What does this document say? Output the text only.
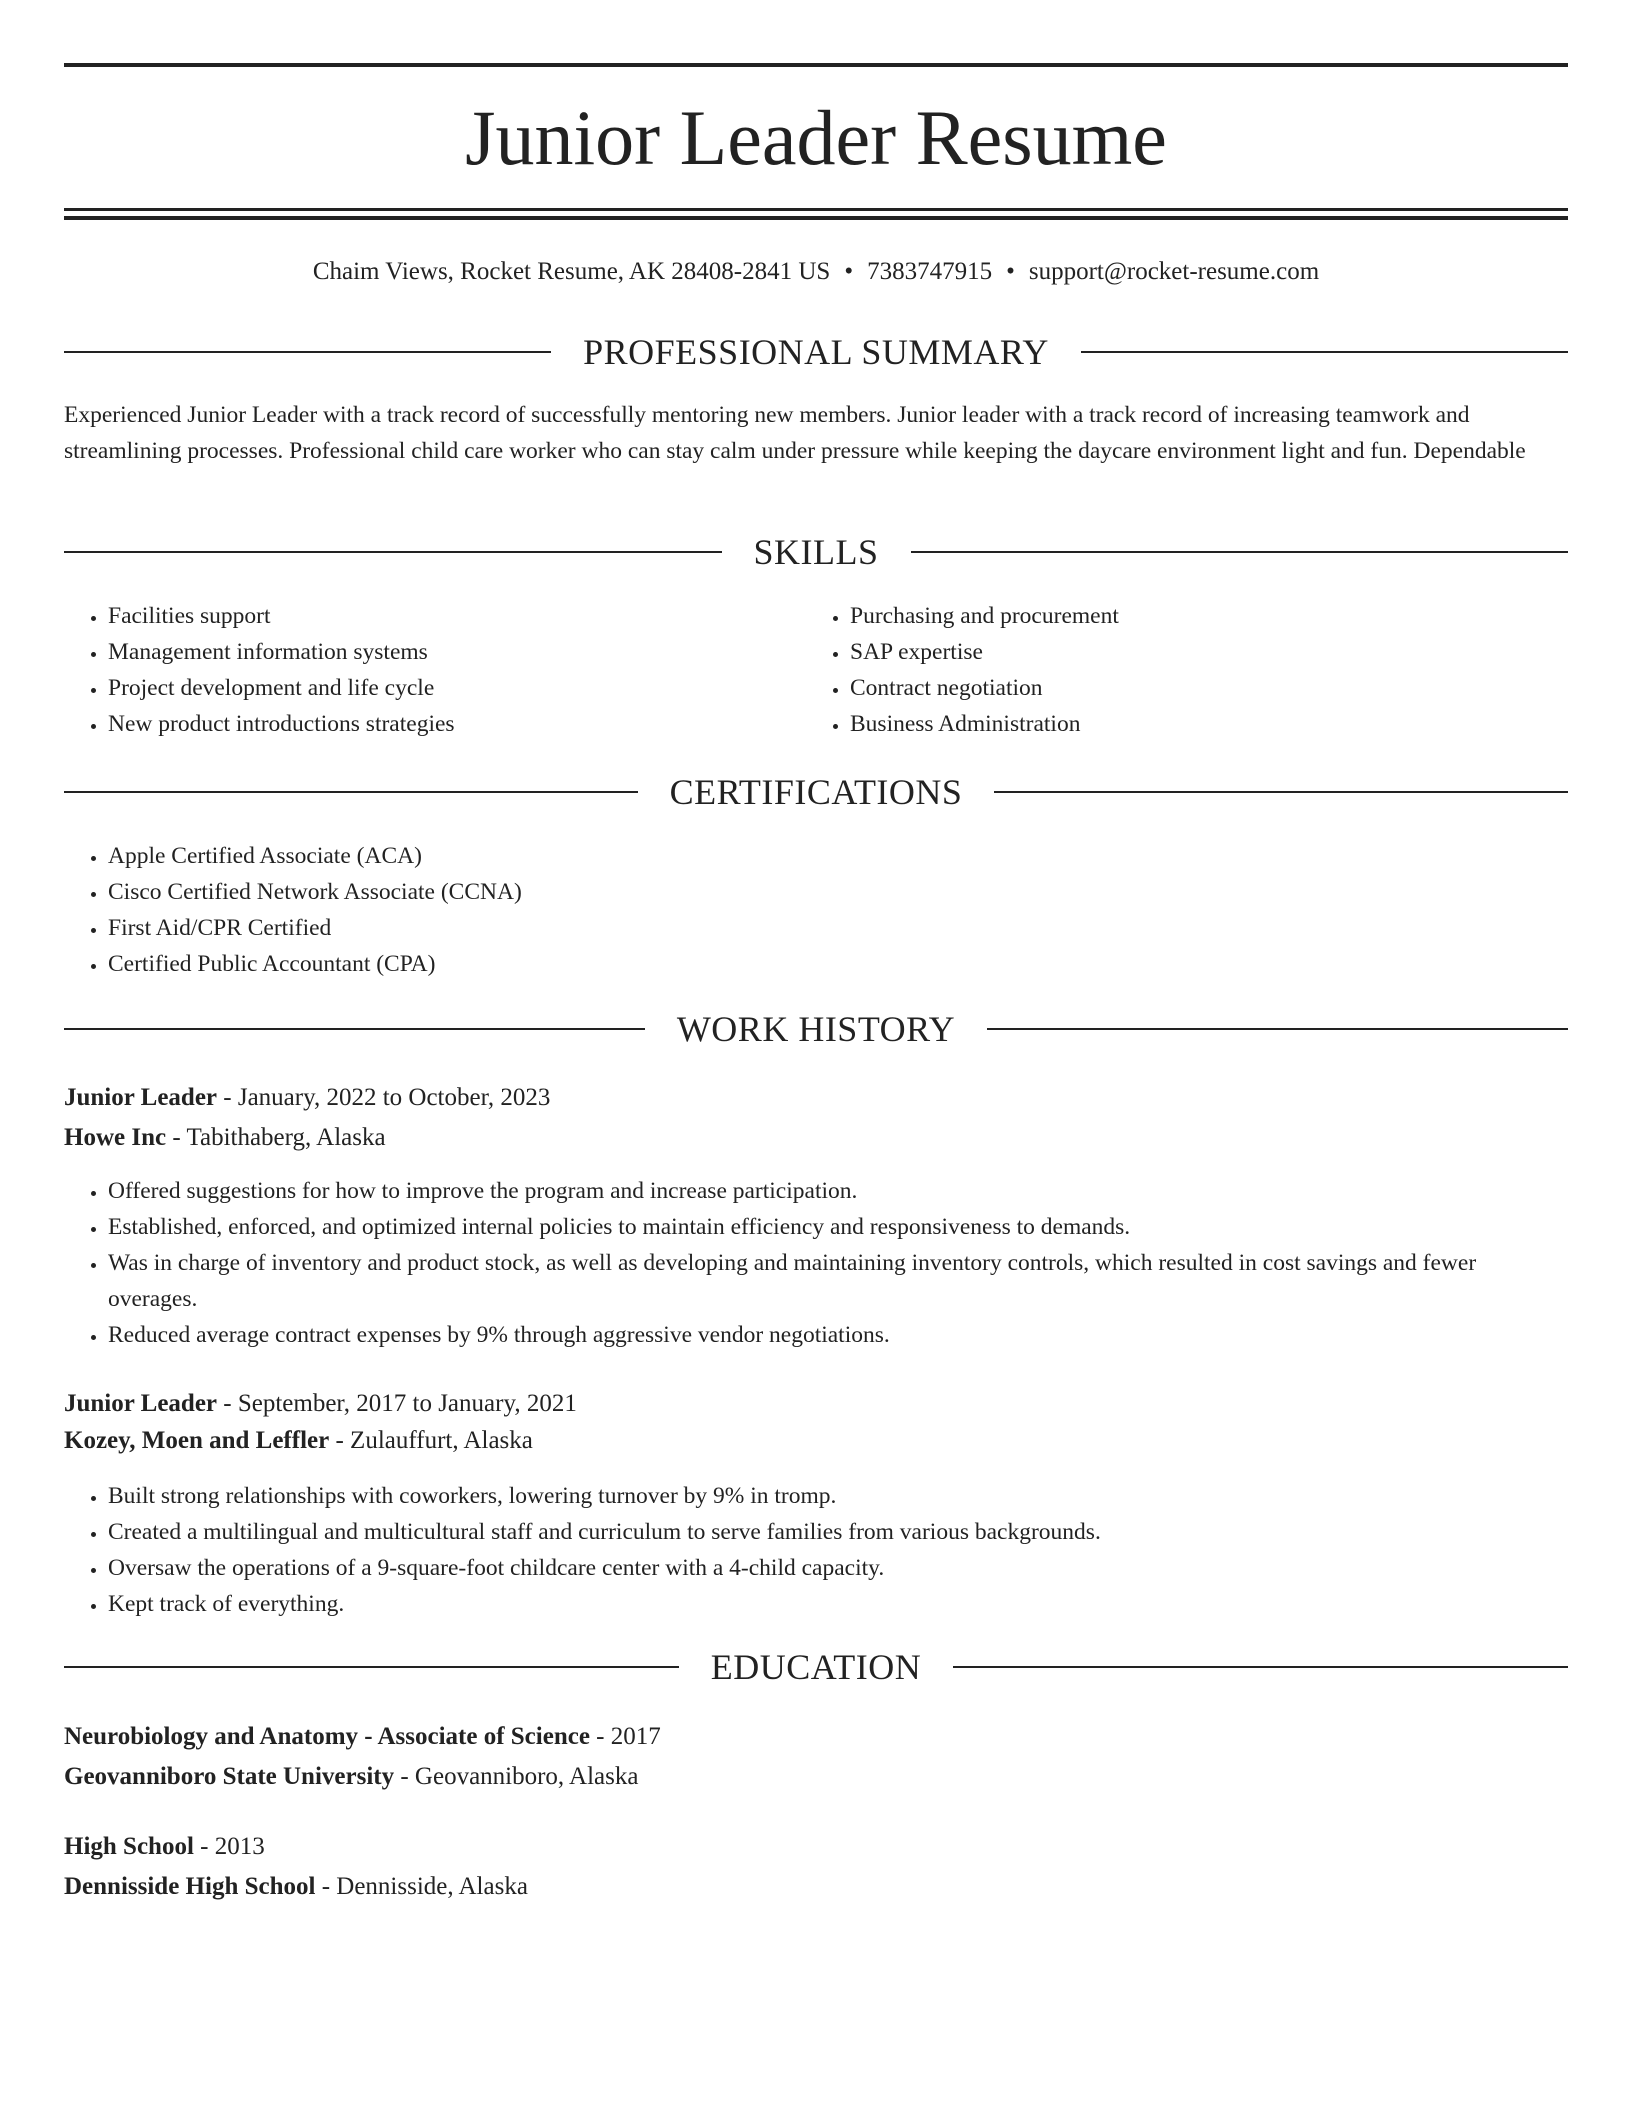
Junior Leader Resume
Chaim Views, Rocket Resume, AK 28408-2841 US • 7383747915 • support@rocket-resume.com
PROFESSIONAL SUMMARY
Experienced Junior Leader with a track record of successfully mentoring new members. Junior leader with a track record of increasing teamwork and streamlining processes. Professional child care worker who can stay calm under pressure while keeping the daycare environment light and fun. Dependable
SKILLS
• Facilities support
• Management information systems
• Project development and life cycle
• New product introductions strategies
• Purchasing and procurement
• SAP expertise
• Contract negotiation
• Business Administration
CERTIFICATIONS
• Apple Certified Associate (ACA)
• Cisco Certified Network Associate (CCNA)
• First Aid/CPR Certified
• Certified Public Accountant (CPA)
WORK HISTORY
Junior Leader - January, 2022 to October, 2023
Howe Inc - Tabithaberg, Alaska
• Offered suggestions for how to improve the program and increase participation.
• Established, enforced, and optimized internal policies to maintain efficiency and responsiveness to demands.
• Was in charge of inventory and product stock, as well as developing and maintaining inventory controls, which resulted in cost savings and fewer overages.
• Reduced average contract expenses by 9% through aggressive vendor negotiations.
Junior Leader - September, 2017 to January, 2021
Kozey, Moen and Leffler - Zulauffurt, Alaska
• Built strong relationships with coworkers, lowering turnover by 9% in tromp.
• Created a multilingual and multicultural staff and curriculum to serve families from various backgrounds.
• Oversaw the operations of a 9-square-foot childcare center with a 4-child capacity.
• Kept track of everything.
EDUCATION
Neurobiology and Anatomy - Associate of Science - 2017
Geovanniboro State University - Geovanniboro, Alaska
High School - 2013
Dennisside High School - Dennisside, Alaska
